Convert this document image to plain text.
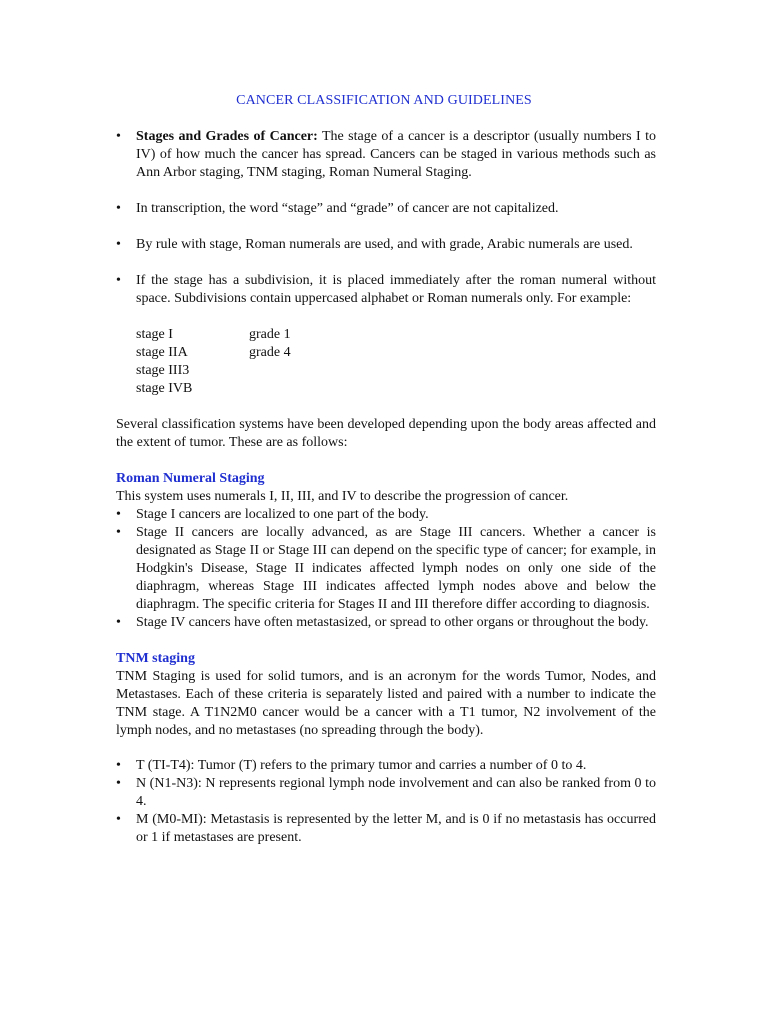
CANCER CLASSIFICATION AND GUIDELINES
• Stages and Grades of Cancer: The stage of a cancer is a descriptor (usually numbers I to IV) of how much the cancer has spread. Cancers can be staged in various methods such as Ann Arbor staging, TNM staging, Roman Numeral Staging.
• In transcription, the word “stage” and “grade” of cancer are not capitalized.
• By rule with stage, Roman numerals are used, and with grade, Arabic numerals are used.
• If the stage has a subdivision, it is placed immediately after the roman numeral without space. Subdivisions contain uppercased alphabet or Roman numerals only. For example:
stage I
stage IIA
stage III3
stage IVB
grade 1
grade 4
Several classification systems have been developed depending upon the body areas affected and the extent of tumor. These are as follows:
Roman Numeral Staging
This system uses numerals I, II, III, and IV to describe the progression of cancer.
• Stage I cancers are localized to one part of the body.
• Stage II cancers are locally advanced, as are Stage III cancers. Whether a cancer is designated as Stage II or Stage III can depend on the specific type of cancer; for example, in Hodgkin's Disease, Stage II indicates affected lymph nodes on only one side of the diaphragm, whereas Stage III indicates affected lymph nodes above and below the diaphragm. The specific criteria for Stages II and III therefore differ according to diagnosis.
• Stage IV cancers have often metastasized, or spread to other organs or throughout the body.
TNM staging
TNM Staging is used for solid tumors, and is an acronym for the words Tumor, Nodes, and Metastases. Each of these criteria is separately listed and paired with a number to indicate the TNM stage. A T1N2M0 cancer would be a cancer with a T1 tumor, N2 involvement of the lymph nodes, and no metastases (no spreading through the body).
• T (TI-T4): Tumor (T) refers to the primary tumor and carries a number of 0 to 4.
• N (N1-N3): N represents regional lymph node involvement and can also be ranked from 0 to 4.
• M (M0-MI): Metastasis is represented by the letter M, and is 0 if no metastasis has occurred or 1 if metastases are present.
